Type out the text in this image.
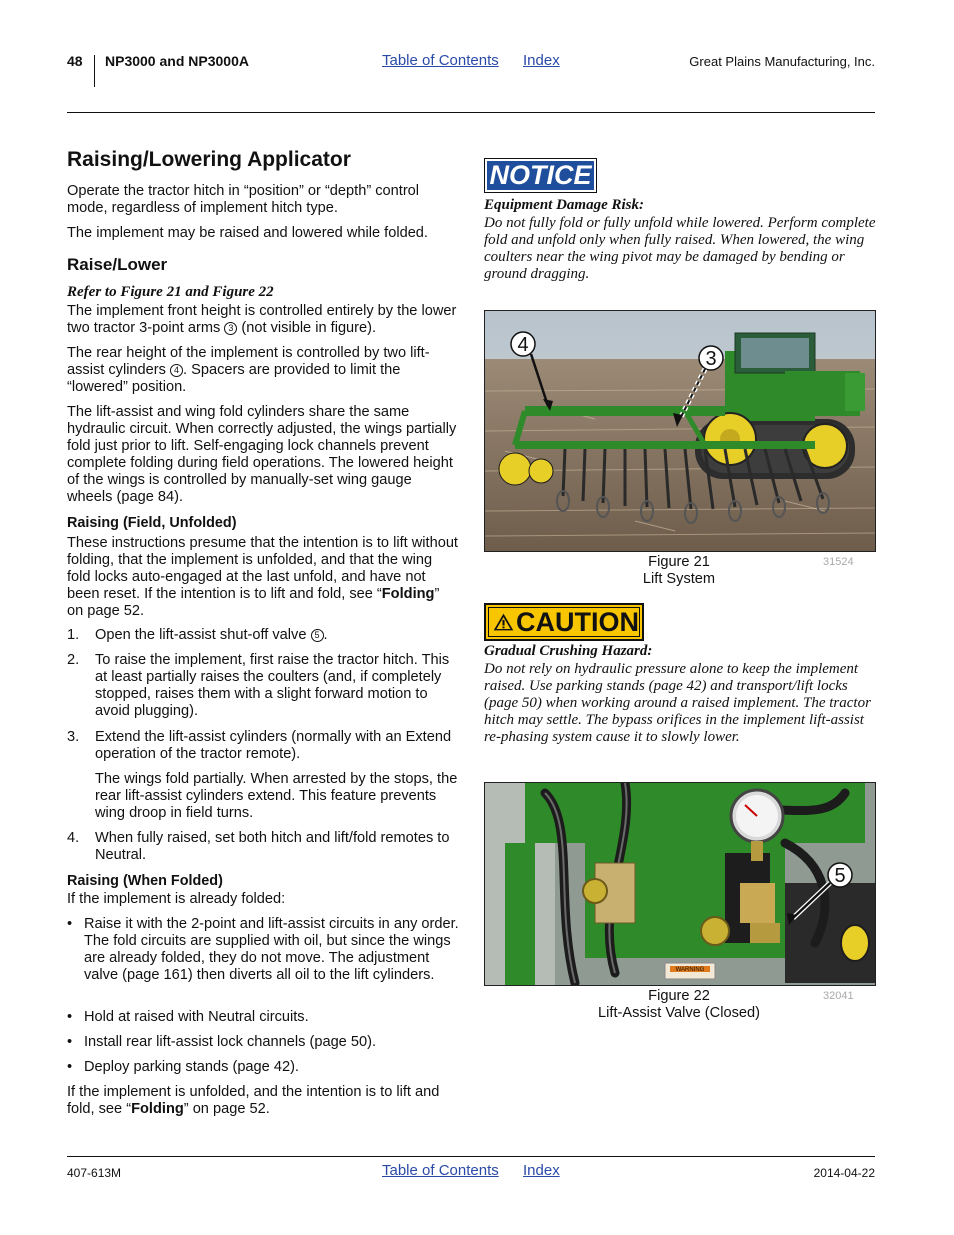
48 NP3000 and NP3000A	Table of Contents Index	Great Plains Manufacturing, Inc.
Raising/Lowering Applicator

Operate the tractor hitch in “position” or “depth” control mode, regardless of implement hitch type.

The implement may be raised and lowered while folded.

Raise/Lower
Refer to Figure 21 and Figure 22
The implement front height is controlled entirely by the lower two tractor 3-point arms 3 (not visible in figure).
The rear height of the implement is controlled by two lift-assist cylinders 4 . Spacers are provided to limit the “lowered” position.

The lift-assist and wing fold cylinders share the same hydraulic circuit. When correctly adjusted, the wings partially fold just prior to lift. Self-engaging lock channels prevent complete folding during field operations. The lowered height of the wings is controlled by manually-set wing gauge wheels (page 84).

Raising (Field, Unfolded)
These instructions presume that the intention is to lift without folding, that the implement is unfolded, and that the wing fold locks auto-engaged at the last unfold, and have not been reset. If the intention is to lift and fold, see “Folding” on page 52.
1.	Open the lift-assist shut-off valve 5 .
2.	To raise the implement, first raise the tractor hitch. This at least partially raises the coulters (and, if completely stopped, raises them with a slight forward motion to avoid plugging).
3.	Extend the lift-assist cylinders (normally with an Extend operation of the tractor remote).
The wings fold partially. When arrested by the stops, the rear lift-assist cylinders extend. This feature prevents wing droop in field turns.
4.	When fully raised, set both hitch and lift/fold remotes to Neutral.
Raising (When Folded)
If the implement is already folded:
• Raise it with the 2-point and lift-assist circuits in any order. The fold circuits are supplied with oil, but since the wings are already folded, they do not move. The adjustment valve (page 161) then diverts all oil to the lift cylinders.
• Hold at raised with Neutral circuits.
• Install rear lift-assist lock channels (page 50).
• Deploy parking stands (page 42).
If the implement is unfolded, and the intention is to lift and fold, see “Folding” on page 52.
NOTICE
Equipment Damage Risk:
Do not fully fold or fully unfold while lowered. Perform complete fold and unfold only when fully raised. When lowered, the wing coulters near the wing pivot may be damaged by bending or ground dragging.
4
3
Figure 21
Lift System
31524
CAUTION
Gradual Crushing Hazard:
Do not rely on hydraulic pressure alone to keep the implement raised. Use parking stands (page 42) and transport/lift locks (page 50) when working around a raised implement. The tractor hitch may settle. The bypass orifices in the implement lift-assist re-phasing system cause it to slowly lower.
WARNING
5
Figure 22
Lift-Assist Valve (Closed)
32041
407-613M	Table of Contents Index	2014-04-22
